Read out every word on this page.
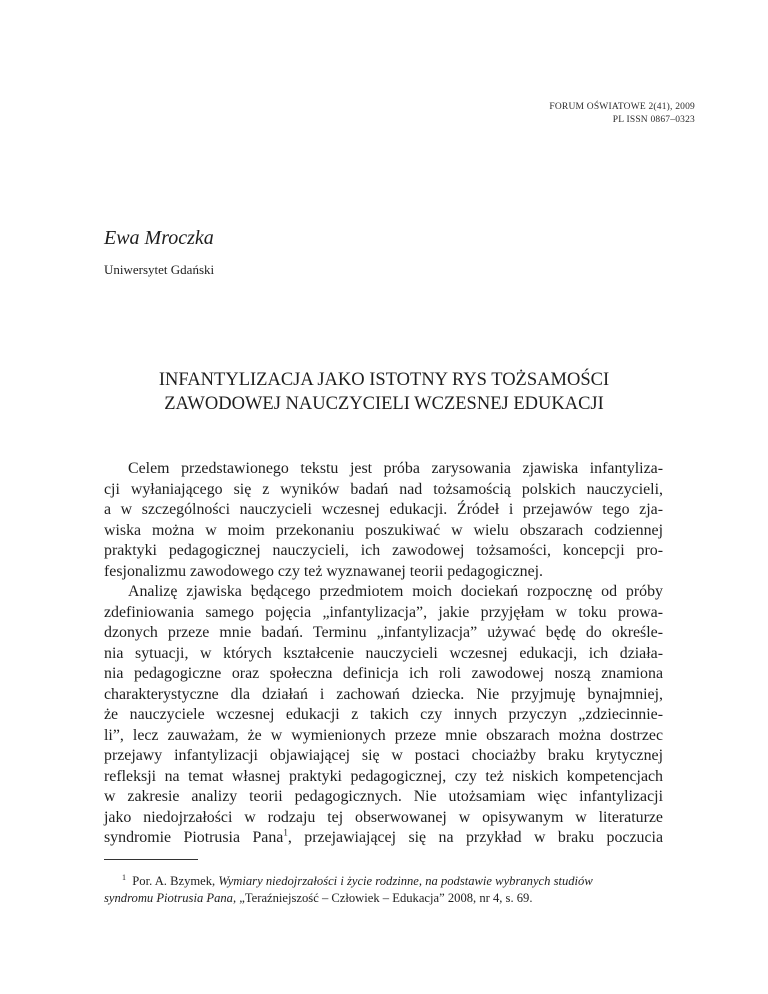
FORUM OŚWIATOWE 2(41), 2009
PL ISSN 0867–0323
Ewa Mroczka
Uniwersytet Gdański
INFANTYLIZACJA JAKO ISTOTNY RYS TOŻSAMOŚCI
ZAWODOWEJ NAUCZYCIELI WCZESNEJ EDUKACJI
Celem przedstawionego tekstu jest próba zarysowania zjawiska infantyliza-
cji wyłaniającego się z wyników badań nad tożsamością polskich nauczycieli,
a w szczególności nauczycieli wczesnej edukacji. Źródeł i przejawów tego zja-
wiska można w moim przekonaniu poszukiwać w wielu obszarach codziennej
praktyki pedagogicznej nauczycieli, ich zawodowej tożsamości, koncepcji pro-
fesjonalizmu zawodowego czy też wyznawanej teorii pedagogicznej.
Analizę zjawiska będącego przedmiotem moich dociekań rozpocznę od próby
zdefiniowania samego pojęcia „infantylizacja”, jakie przyjęłam w toku prowa-
dzonych przeze mnie badań. Terminu „infantylizacja” używać będę do określe-
nia sytuacji, w których kształcenie nauczycieli wczesnej edukacji, ich działa-
nia pedagogiczne oraz społeczna definicja ich roli zawodowej noszą znamiona
charakterystyczne dla działań i zachowań dziecka. Nie przyjmuję bynajmniej,
że nauczyciele wczesnej edukacji z takich czy innych przyczyn „zdziecinnie-
li”, lecz zauważam, że w wymienionych przeze mnie obszarach można dostrzec
przejawy infantylizacji objawiającej się w postaci chociażby braku krytycznej
refleksji na temat własnej praktyki pedagogicznej, czy też niskich kompetencjach
w zakresie analizy teorii pedagogicznych. Nie utożsamiam więc infantylizacji
jako niedojrzałości w rodzaju tej obserwowanej w opisywanym w literaturze
syndromie Piotrusia Pana$^1$, przejawiającej się na przykład w braku poczucia
$^1$ Por. A. Bzymek, Wymiary niedojrzałości i życie rodzinne, na podstawie wybranych studiów
syndromu Piotrusia Pana, „Teraźniejszość – Człowiek – Edukacja” 2008, nr 4, s. 69.
